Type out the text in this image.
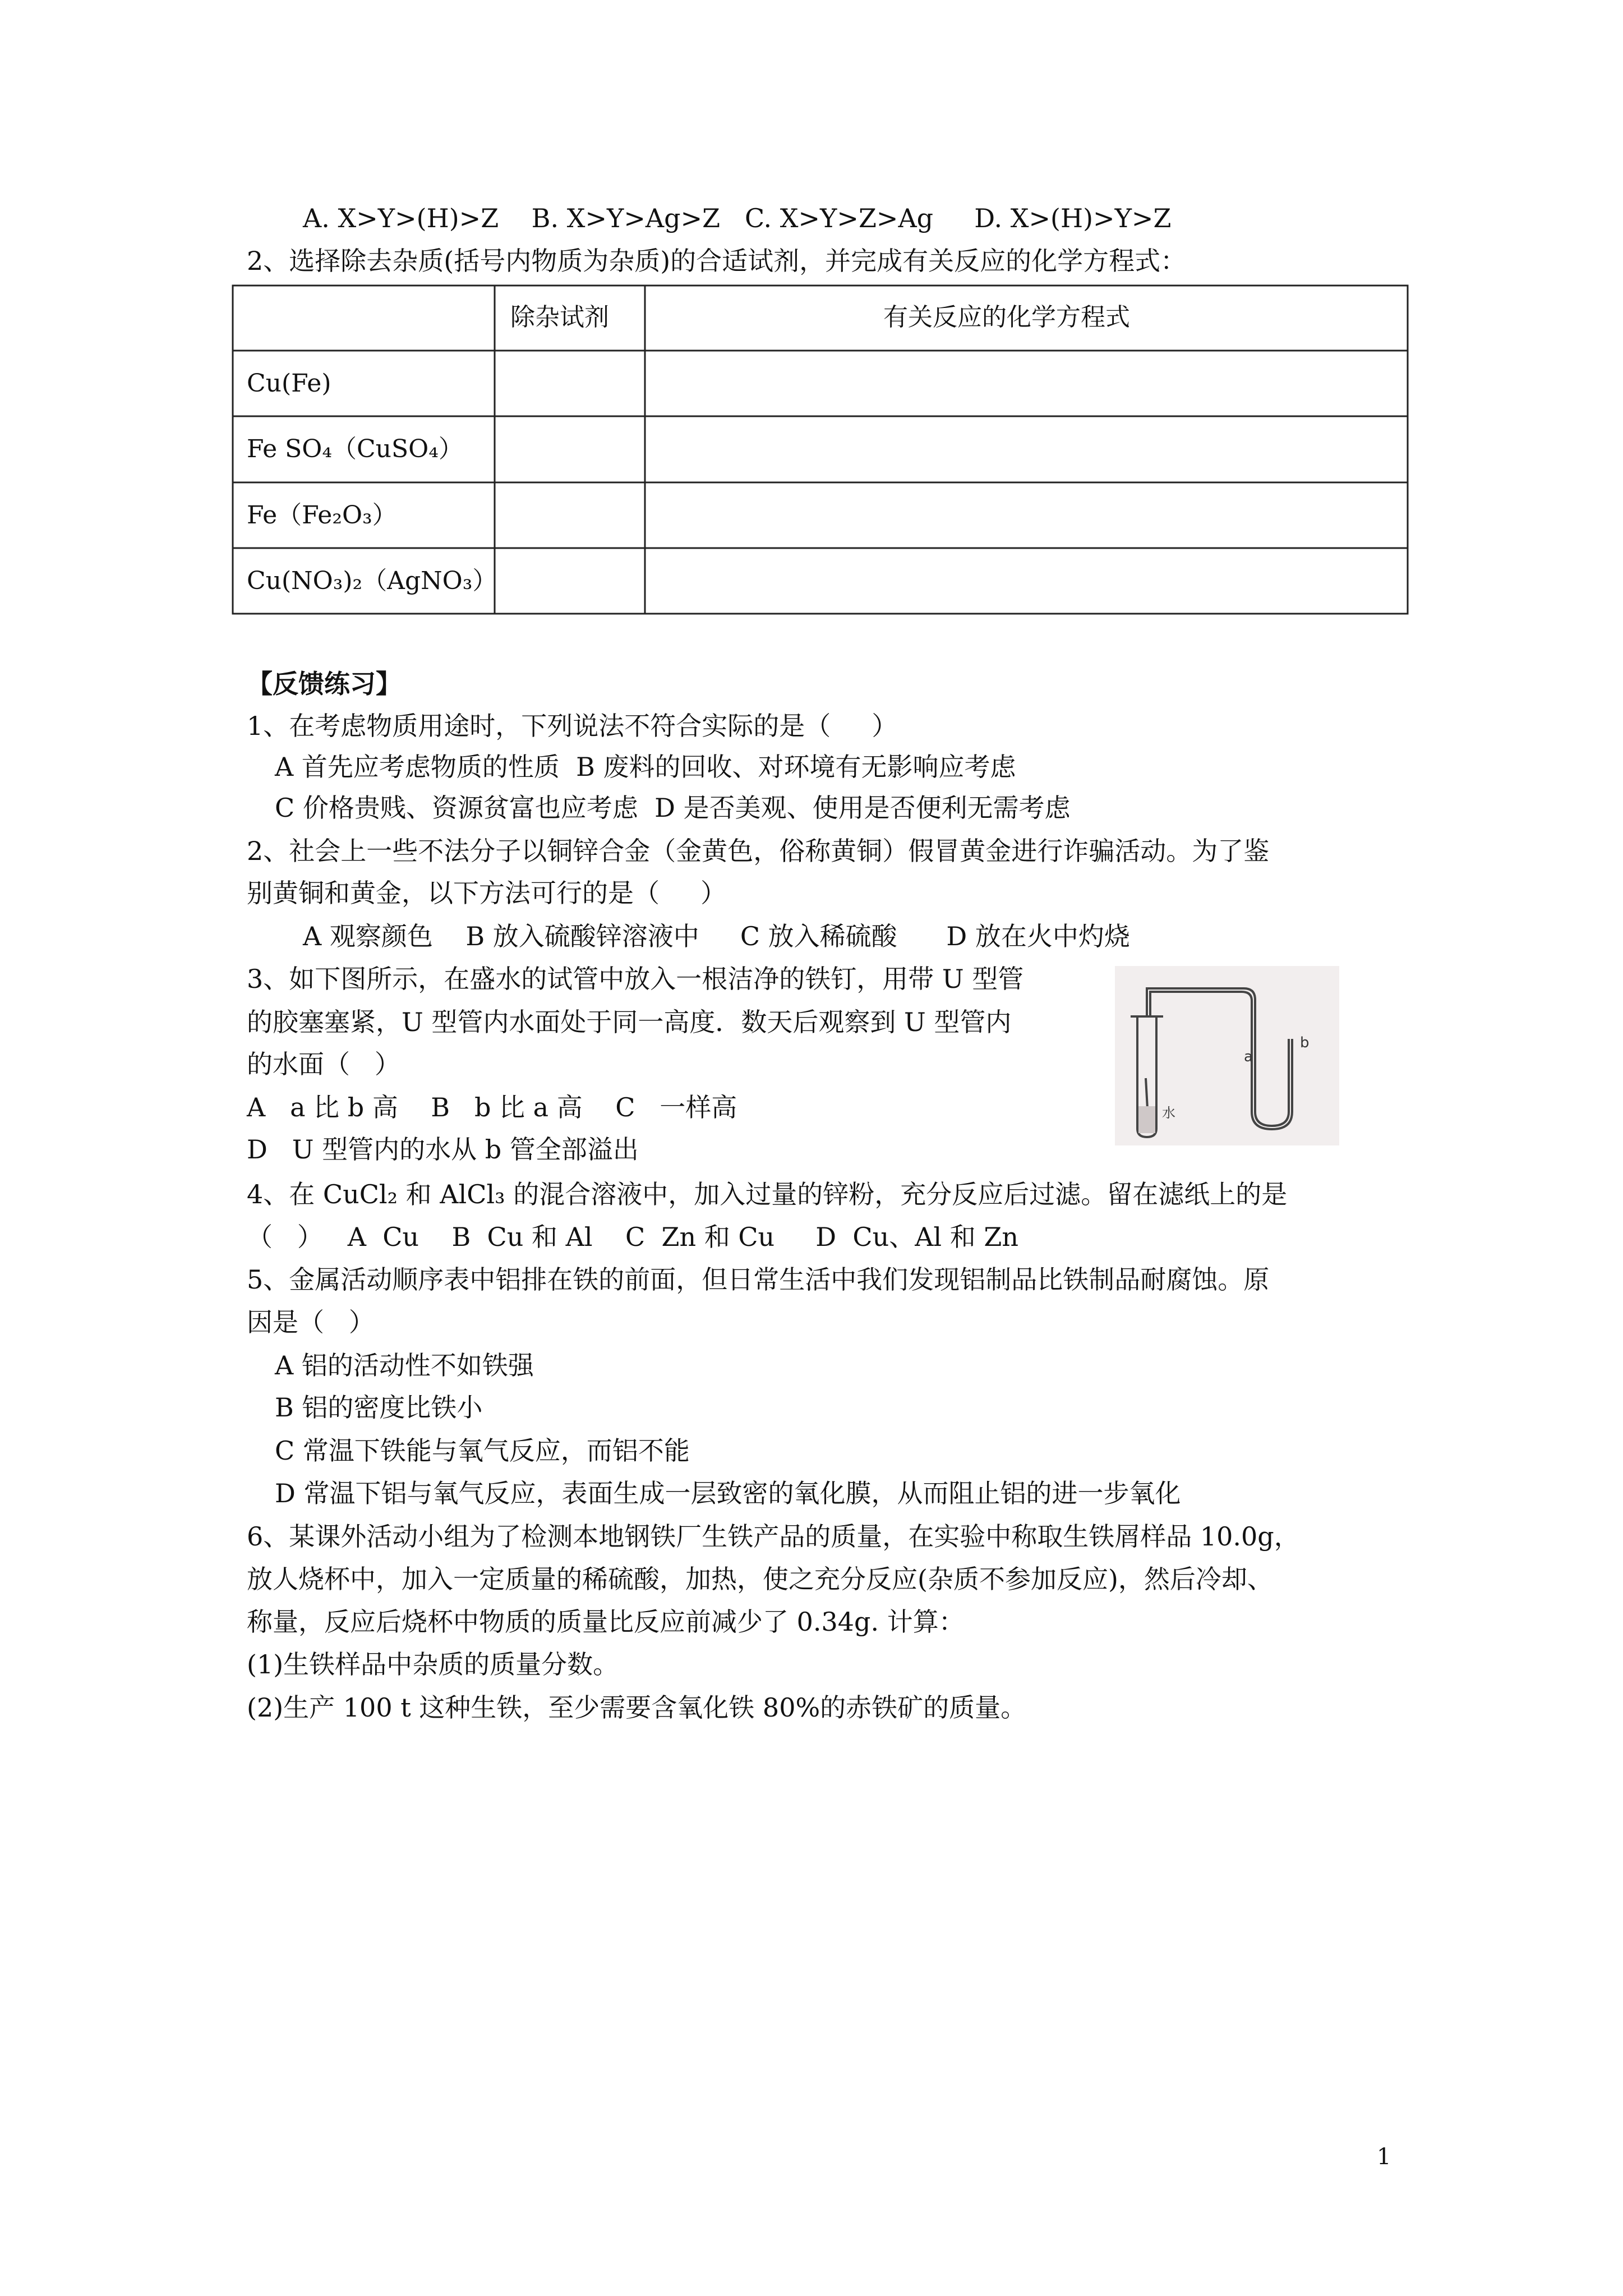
A. X>Y>(H)>Z    B. X>Y>Ag>Z   C. X>Y>Z>Ag     D. X>(H)>Y>Z
2、选择除去杂质(括号内物质为杂质)的合适试剂，并完成有关反应的化学方程式：
除杂试剂	有关反应的化学方程式
Cu(Fe)
Fe SO₄（CuSO₄）
Fe（Fe₂O₃）
Cu(NO₃)₂（AgNO₃）
【反馈练习】
1、在考虑物质用途时，下列说法不符合实际的是（     ）
A 首先应考虑物质的性质  B 废料的回收、对环境有无影响应考虑
C 价格贵贱、资源贫富也应考虑  D 是否美观、使用是否便利无需考虑
2、社会上一些不法分子以铜锌合金（金黄色，俗称黄铜）假冒黄金进行诈骗活动。为了鉴
别黄铜和黄金，以下方法可行的是（     ）
A 观察颜色    B 放入硫酸锌溶液中     C 放入稀硫酸      D 放在火中灼烧
3、如下图所示，在盛水的试管中放入一根洁净的铁钉，用带 U 型管
的胶塞塞紧，U 型管内水面处于同一高度．数天后观察到 U 型管内
的水面（   ）
A   a 比 b 高    B   b 比 a 高    C   一样高
D   U 型管内的水从 b 管全部溢出
a
b
水
4、在 CuCl₂ 和 AlCl₃ 的混合溶液中，加入过量的锌粉，充分反应后过滤。留在滤纸上的是
（   ）   A  Cu    B  Cu 和 Al    C  Zn 和 Cu     D  Cu、Al 和 Zn
5、金属活动顺序表中铝排在铁的前面，但日常生活中我们发现铝制品比铁制品耐腐蚀。原
因是（   ）
A 铝的活动性不如铁强
B 铝的密度比铁小
C 常温下铁能与氧气反应，而铝不能
D 常温下铝与氧气反应，表面生成一层致密的氧化膜，从而阻止铝的进一步氧化
6、某课外活动小组为了检测本地钢铁厂生铁产品的质量，在实验中称取生铁屑样品 10.0g，
放人烧杯中，加入一定质量的稀硫酸，加热，使之充分反应(杂质不参加反应)，然后冷却、
称量，反应后烧杯中物质的质量比反应前减少了 0.34g. 计算：
(1)生铁样品中杂质的质量分数。
(2)生产 100 t 这种生铁，至少需要含氧化铁 80%的赤铁矿的质量。
1
